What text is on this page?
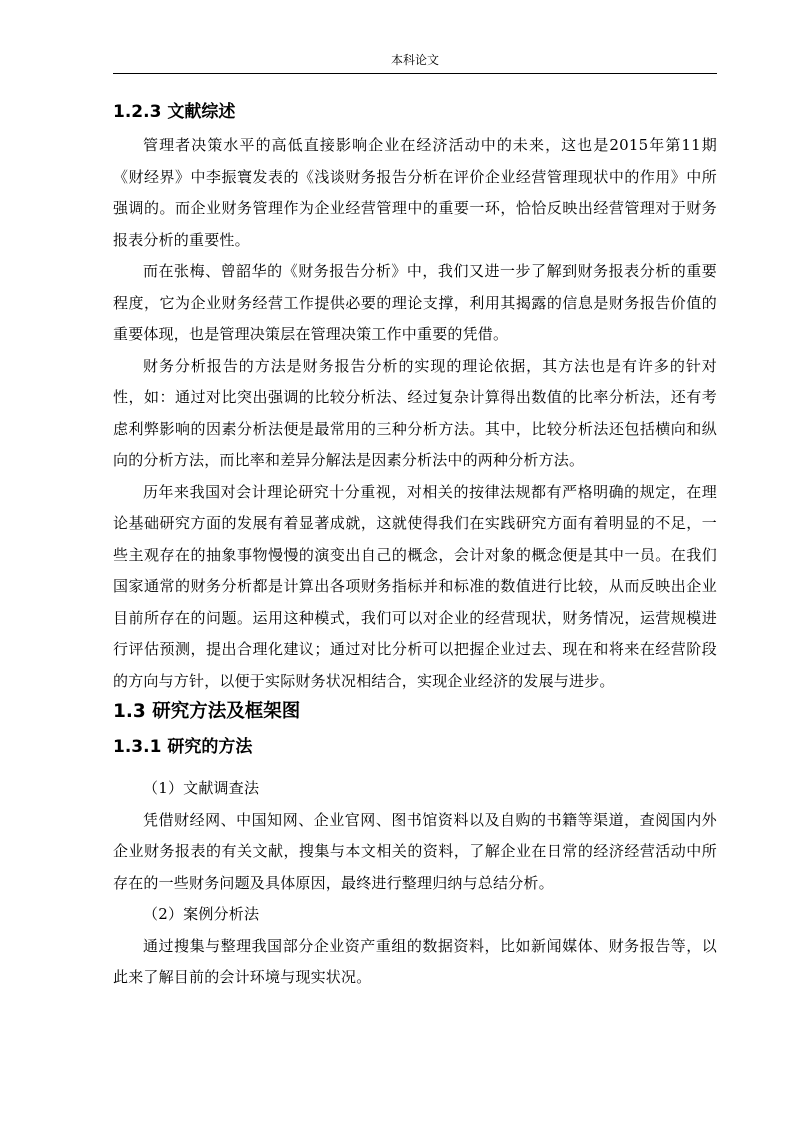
本科论文
1.2.3 文献综述

管理者决策水平的高低直接影响企业在经济活动中的未来，这也是2015年第11期《财经界》中李振寰发表的《浅谈财务报告分析在评价企业经营管理现状中的作用》中所强调的。而企业财务管理作为企业经营管理中的重要一环，恰恰反映出经营管理对于财务报表分析的重要性。

而在张梅、曾韶华的《财务报告分析》中，我们又进一步了解到财务报表分析的重要程度，它为企业财务经营工作提供必要的理论支撑，利用其揭露的信息是财务报告价值的重要体现，也是管理决策层在管理决策工作中重要的凭借。

财务分析报告的方法是财务报告分析的实现的理论依据，其方法也是有许多的针对性，如：通过对比突出强调的比较分析法、经过复杂计算得出数值的比率分析法，还有考虑利弊影响的因素分析法便是最常用的三种分析方法。其中，比较分析法还包括横向和纵向的分析方法，而比率和差异分解法是因素分析法中的两种分析方法。

历年来我国对会计理论研究十分重视，对相关的按律法规都有严格明确的规定，在理论基础研究方面的发展有着显著成就，这就使得我们在实践研究方面有着明显的不足，一些主观存在的抽象事物慢慢的演变出自己的概念，会计对象的概念便是其中一员。在我们国家通常的财务分析都是计算出各项财务指标并和标准的数值进行比较，从而反映出企业目前所存在的问题。运用这种模式，我们可以对企业的经营现状，财务情况，运营规模进行评估预测，提出合理化建议；通过对比分析可以把握企业过去、现在和将来在经营阶段的方向与方针，以便于实际财务状况相结合，实现企业经济的发展与进步。

1.3 研究方法及框架图
1.3.1 研究的方法

（1）文献调查法

凭借财经网、中国知网、企业官网、图书馆资料以及自购的书籍等渠道，查阅国内外企业财务报表的有关文献，搜集与本文相关的资料，了解企业在日常的经济经营活动中所存在的一些财务问题及具体原因，最终进行整理归纳与总结分析。

（2）案例分析法

通过搜集与整理我国部分企业资产重组的数据资料，比如新闻媒体、财务报告等，以此来了解目前的会计环境与现实状况。
